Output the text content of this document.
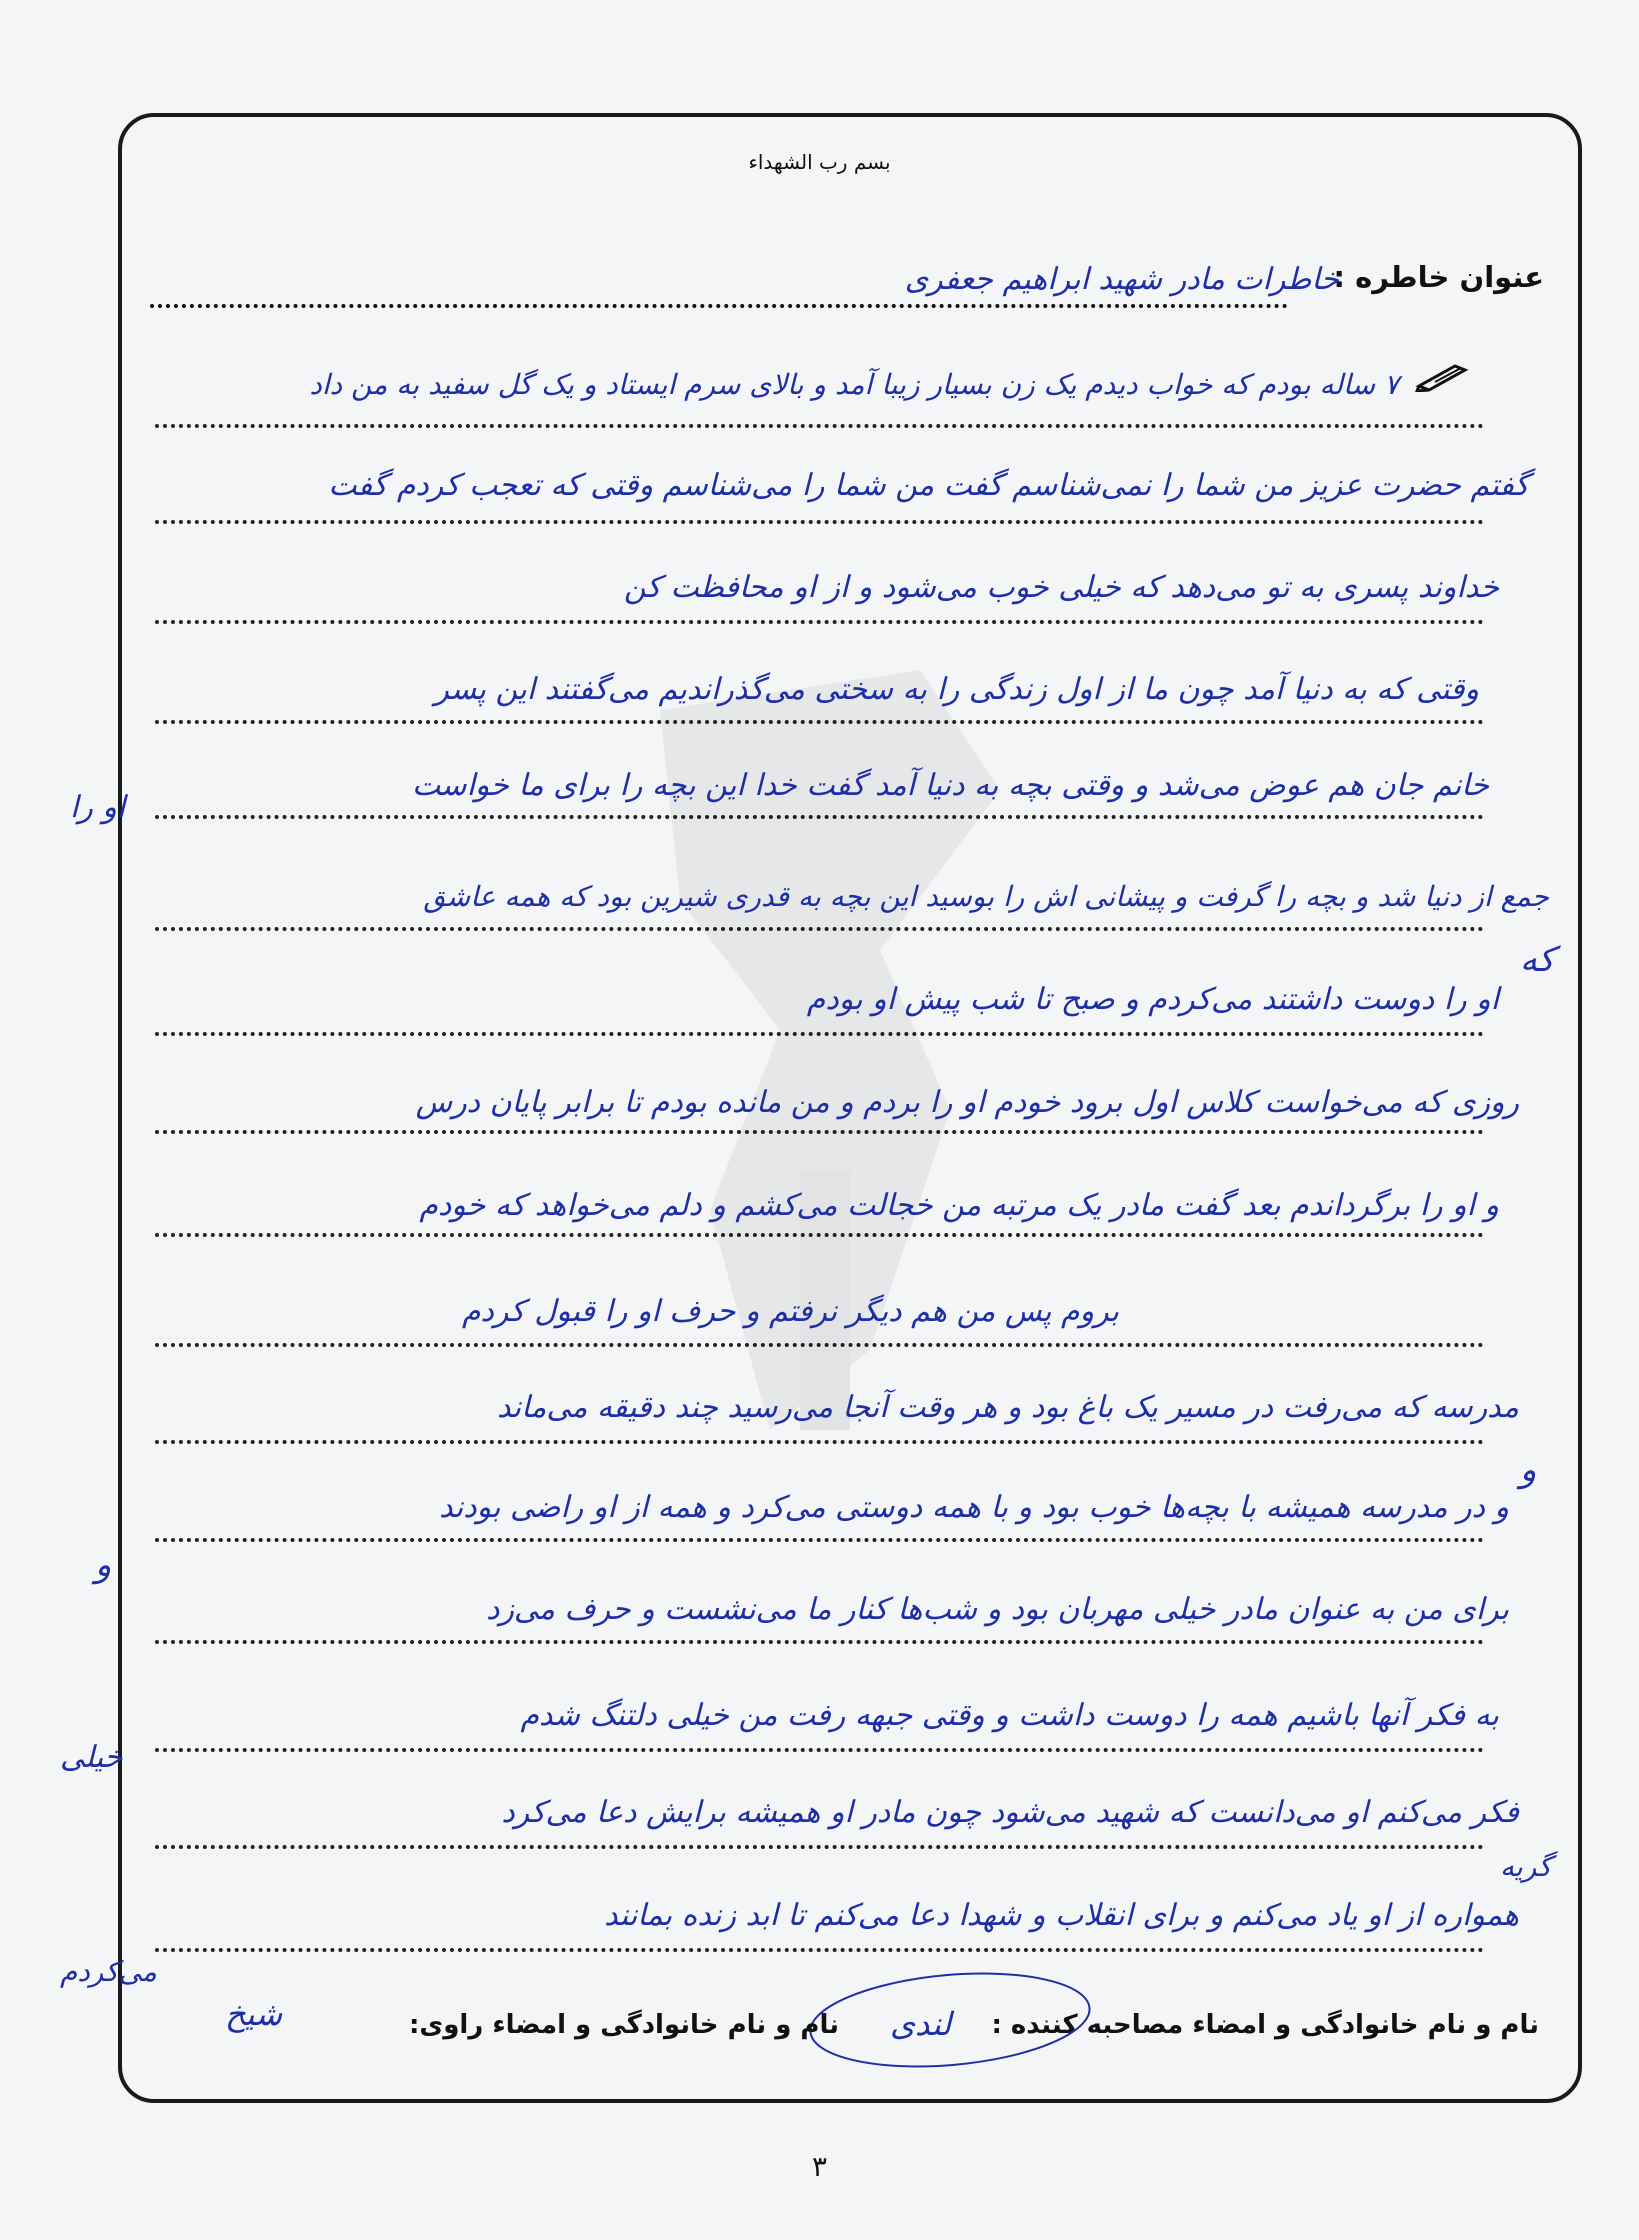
بسم رب الشهداء
عنوان خاطره :
خاطرات مادر شهید ابراهیم جعفری
۷ ساله بودم که خواب دیدم یک زن بسیار زیبا آمد و بالای سرم ایستاد و یک گل سفید به من داد
گفتم حضرت عزیز من شما را نمی‌شناسم گفت من شما را می‌شناسم وقتی که تعجب کردم گفت
خداوند پسری به تو می‌دهد که خیلی خوب می‌شود و از او محافظت کن
وقتی که به دنیا آمد چون ما از اول زندگی را به سختی می‌گذراندیم می‌گفتند این پسر
خانم جان هم عوض می‌شد و وقتی بچه به دنیا آمد گفت خدا این بچه را برای ما خواست
جمع از دنیا شد و بچه را گرفت و پیشانی اش را بوسید این بچه به قدری شیرین بود که همه عاشق
او را دوست داشتند می‌کردم و صبح تا شب پیش او بودم
روزی که می‌خواست کلاس اول برود خودم او را بردم و من مانده بودم تا برابر پایان درس
و او را برگرداندم بعد گفت مادر یک مرتبه من خجالت می‌کشم و دلم می‌خواهد که خودم
بروم پس من هم دیگر نرفتم و حرف او را قبول کردم
مدرسه که می‌رفت در مسیر یک باغ بود و هر وقت آنجا می‌رسید چند دقیقه می‌ماند
و در مدرسه همیشه با بچه‌ها خوب بود و با همه دوستی می‌کرد و همه از او راضی بودند
برای من به عنوان مادر خیلی مهربان بود و شب‌ها کنار ما می‌نشست و حرف می‌زد
به فکر آنها باشیم همه را دوست داشت و وقتی جبهه رفت من خیلی دلتنگ شدم
فکر می‌کنم او می‌دانست که شهید می‌شود چون مادر او همیشه برایش دعا می‌کرد
همواره از او یاد می‌کنم و برای انقلاب و شهدا دعا می‌کنم تا ابد زنده بمانند
که
و
و
او را
خیلی
گریه
می‌کردم
نام و نام خانوادگی و امضاء مصاحبه کننده :
لندی
نام و نام خانوادگی و امضاء راوی:
شیخ
۳
